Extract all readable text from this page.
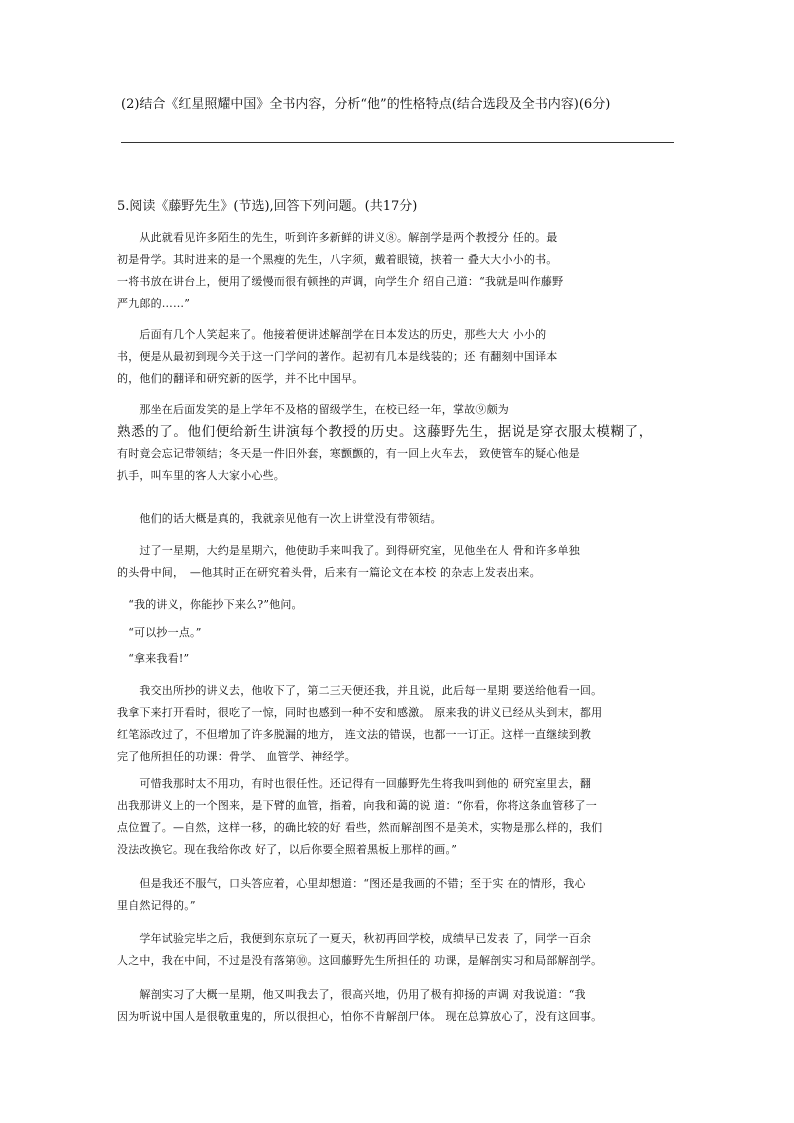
(2)结合《红星照耀中国》全书内容，分析“他”的性格特点(结合选段及全书内容)(6分)
5.阅读《藤野先生》(节选),回答下列问题。(共17分)
　　从此就看见许多陌生的先生，听到许多新鲜的讲义⑧。解剖学是两个教授分 任的。最
初是骨学。其时进来的是一个黑瘦的先生，八字须，戴着眼镜，挟着一 叠大大小小的书。
一将书放在讲台上，便用了缓慢而很有顿挫的声调，向学生介 绍自己道：“我就是叫作藤野
严九郎的……”
　　后面有几个人笑起来了。他接着便讲述解剖学在日本发达的历史，那些大大 小小的
书，便是从最初到现今关于这一门学问的著作。起初有几本是线装的；还 有翻刻中国译本
的，他们的翻译和研究新的医学，并不比中国早。
　　那坐在后面发笑的是上学年不及格的留级学生，在校已经一年，掌故⑨颇为
熟悉的了。他们便给新生讲演每个教授的历史。这藤野先生，据说是穿衣服太模糊了，
有时竟会忘记带领结；冬天是一件旧外套，寒颤颤的，有一回上火车去， 致使管车的疑心他是
扒手，叫车里的客人大家小心些。
　　他们的话大概是真的，我就亲见他有一次上讲堂没有带领结。
　　过了一星期，大约是星期六，他使助手来叫我了。到得研究室，见他坐在人 骨和许多单独
的头骨中间，　—他其时正在研究着头骨，后来有一篇论文在本校 的杂志上发表出来。
　“我的讲义，你能抄下来么?”他问。
　“可以抄一点。”
　“拿来我看!”
　　我交出所抄的讲义去，他收下了，第二三天便还我，并且说，此后每一星期 要送给他看一回。
我拿下来打开看时，很吃了一惊，同时也感到一种不安和感激。 原来我的讲义已经从头到末，都用
红笔添改过了，不但增加了许多脱漏的地方， 连文法的错误，也都一一订正。这样一直继续到教
完了他所担任的功课：骨学、 血管学、神经学。
　　可惜我那时太不用功，有时也很任性。还记得有一回藤野先生将我叫到他的 研究室里去，翻
出我那讲义上的一个图来，是下臂的血管，指着，向我和蔼的说 道：“你看，你将这条血管移了一
点位置了。—自然，这样一移，的确比较的好 看些，然而解剖图不是美术，实物是那么样的，我们
没法改换它。现在我给你改 好了，以后你要全照着黑板上那样的画。”
　　但是我还不服气，口头答应着，心里却想道：“图还是我画的不错；至于实 在的情形，我心
里自然记得的。”
　　学年试验完毕之后，我便到东京玩了一夏天，秋初再回学校，成绩早已发表 了，同学一百余
人之中，我在中间，不过是没有落第⑩。这回藤野先生所担任的 功课，是解剖实习和局部解剖学。
　　解剖实习了大概一星期，他又叫我去了，很高兴地，仍用了极有抑扬的声调 对我说道：“我
因为听说中国人是很敬重鬼的，所以很担心，怕你不肯解剖尸体。 现在总算放心了，没有这回事。
